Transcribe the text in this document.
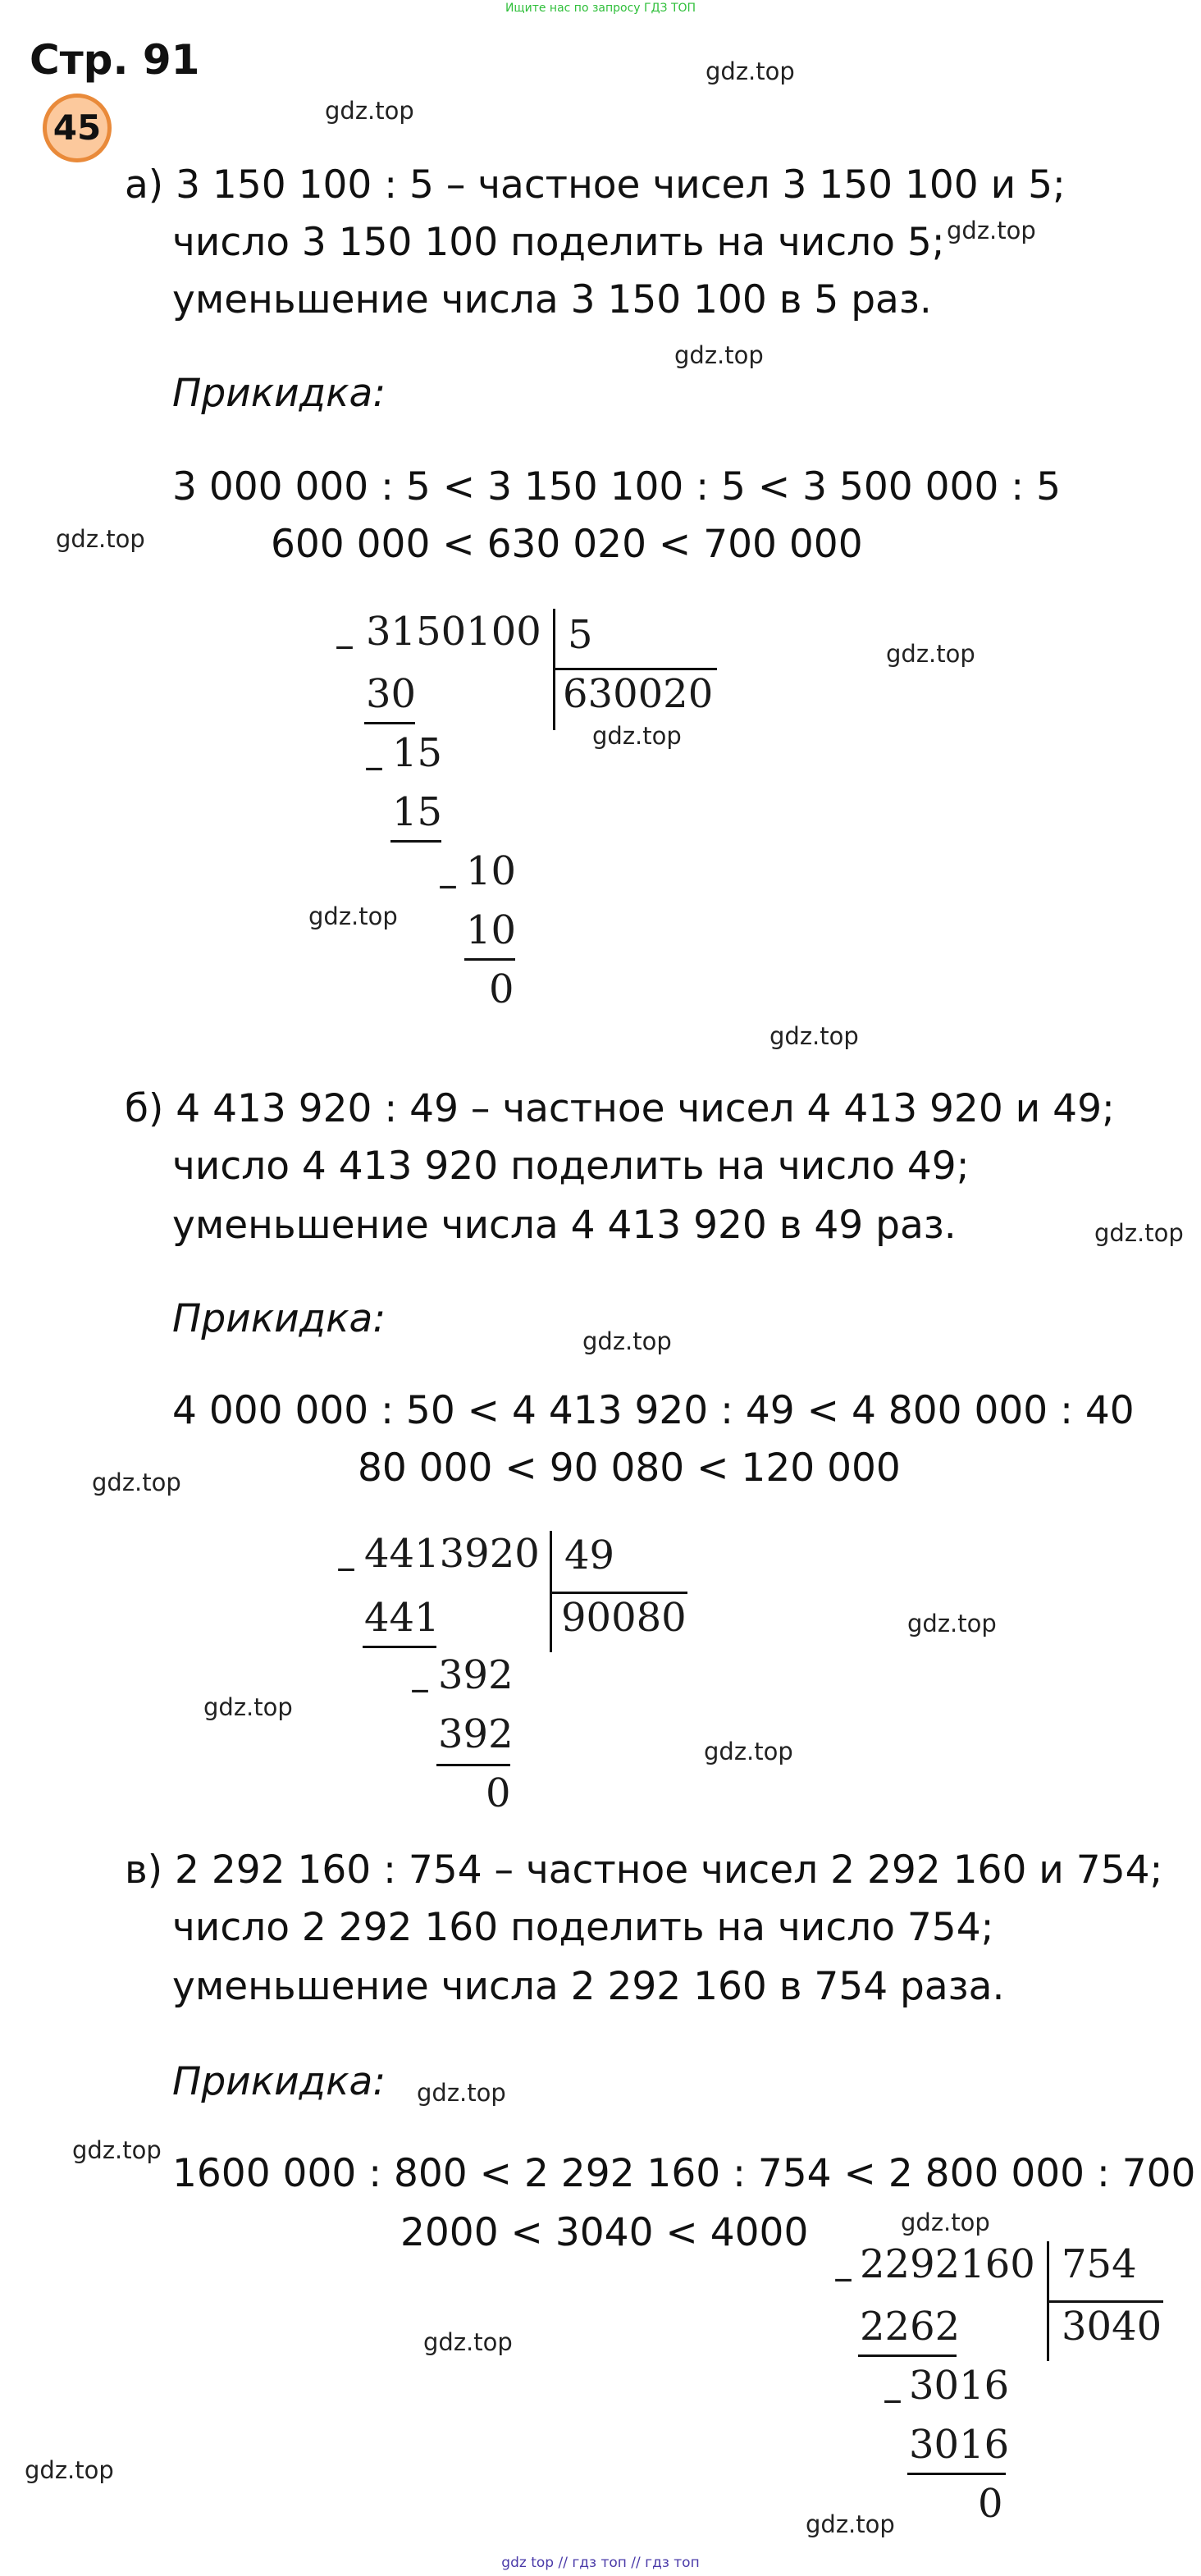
Ищите нас по запросу ГДЗ ТОП
Стр. 91
45
а) 3 150 100 : 5 – частное чисел 3 150 100 и 5;
число 3 150 100 поделить на число 5;
уменьшение числа 3 150 100 в 5 раз.
Прикидка:
3 000 000 : 5 < 3 150 100 : 5 < 3 500 000 : 5
600 000 < 630 020 < 700 000
– 3150100 5
630020
30
– 15
15
– 10
10
0
б) 4 413 920 : 49 – частное чисел 4 413 920 и 49;
число 4 413 920 поделить на число 49;
уменьшение числа 4 413 920 в 49 раз.
Прикидка:
4 000 000 : 50 < 4 413 920 : 49 < 4 800 000 : 40
80 000 < 90 080 < 120 000
– 4413920 49
90080
441
– 392
392
0
в) 2 292 160 : 754 – частное чисел 2 292 160 и 754;
число 2 292 160 поделить на число 754;
уменьшение числа 2 292 160 в 754 раза.
Прикидка:
1600 000 : 800 < 2 292 160 : 754 < 2 800 000 : 700
2000 < 3040 < 4000
– 2292160 754
3040
2262
– 3016
3016
0
gdz.top
gdz.top
gdz.top
gdz.top
gdz.top
gdz.top
gdz.top
gdz.top
gdz.top
gdz.top
gdz.top
gdz.top
gdz.top
gdz.top
gdz.top
gdz.top
gdz.top
gdz.top
gdz.top
gdz.top
gdz.top
gdz top // гдз топ // гдз топ
